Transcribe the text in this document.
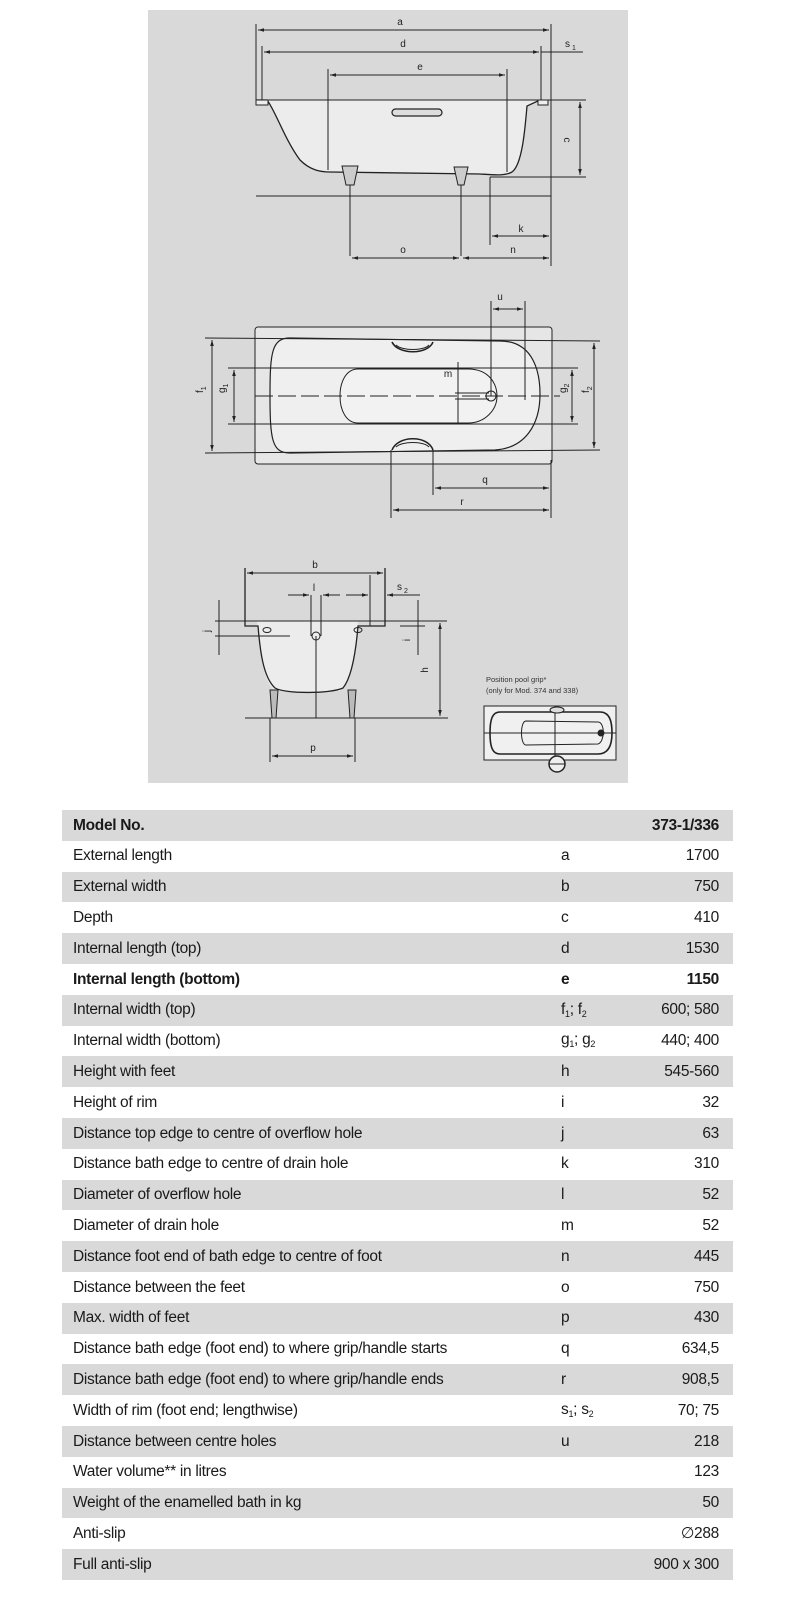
a
d
e
s 1
c
k
o	n
u
m
$f_1$ $g_1$
$g_2$
$f_2$
q
r
b
l	s 2
j
i
h
p
Position pool grip*
(only for Mod. 374 and 338)
Model No.		373-1/336
External length	a	1700
External width	b	750
Depth	c	410
Internal length (top)	d	1530
Internal length (bottom)	e	1150
Internal width (top)	$f_1$; $f_2$	600; 580
Internal width (bottom)	$g_1$; $g_2$	440; 400
Height with feet	h	545-560
Height of rim	i	32
Distance top edge to centre of overflow hole	j	63
Distance bath edge to centre of drain hole	k	310
Diameter of overflow hole	l	52
Diameter of drain hole	m	52
Distance foot end of bath edge to centre of foot	n	445
Distance between the feet	o	750
Max. width of feet	p	430
Distance bath edge (foot end) to where grip/handle starts	q	634,5
Distance bath edge (foot end) to where grip/handle ends	r	908,5
Width of rim (foot end; lengthwise)	$s_1$; $s_2$	70; 75
Distance between centre holes	u	218
Water volume** in litres		123
Weight of the enamelled bath in kg		50
Anti-slip		∅288
Full anti-slip		900 x 300
